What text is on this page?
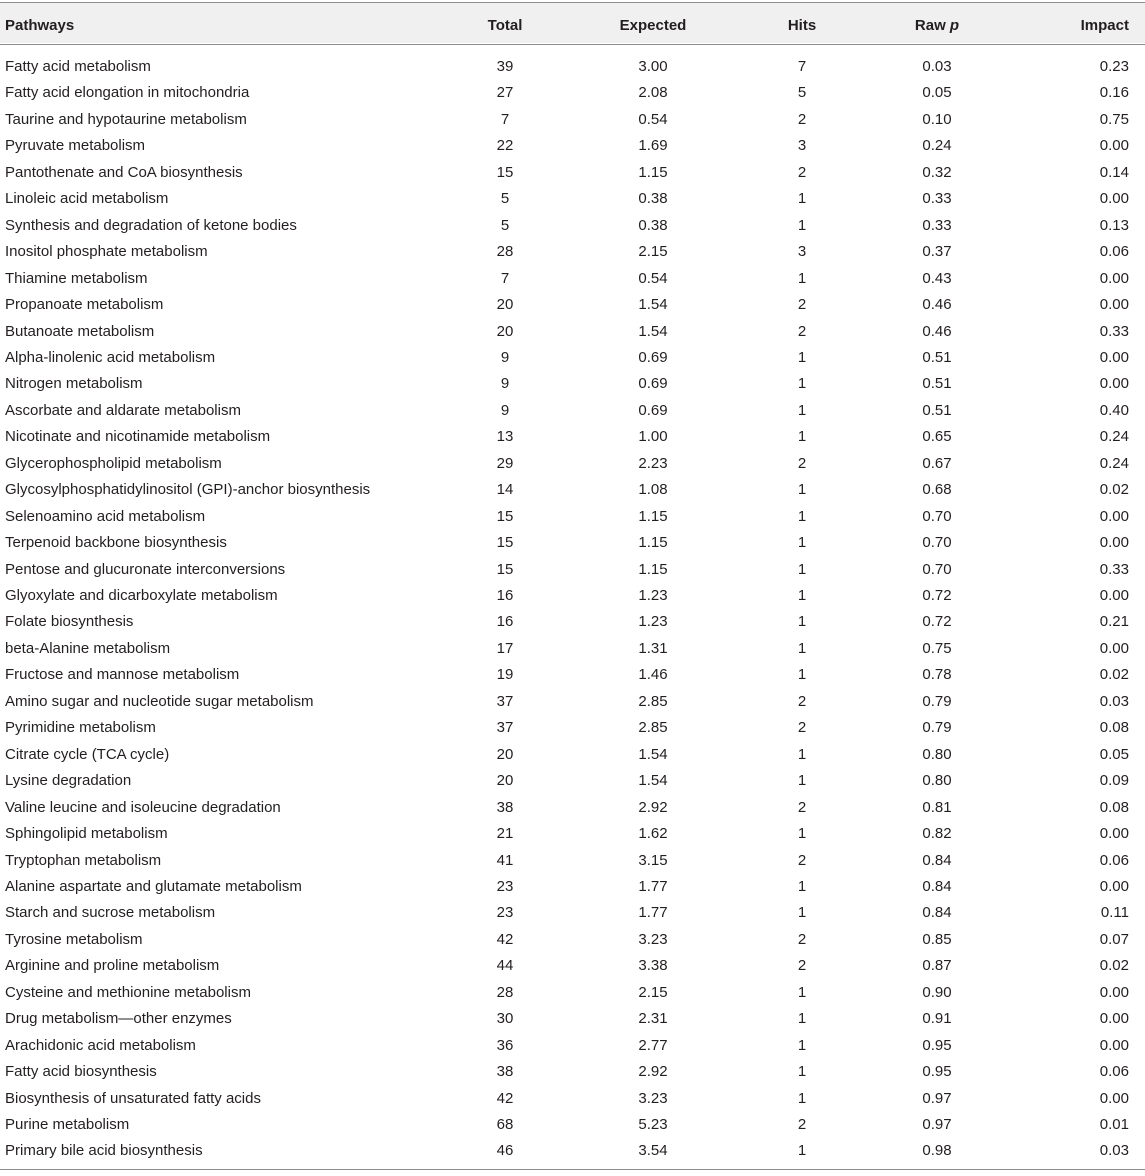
Pathways	Total	Expected	Hits	Raw p	Impact
Fatty acid metabolism	39	3.00	7	0.03	0.23
Fatty acid elongation in mitochondria	27	2.08	5	0.05	0.16
Taurine and hypotaurine metabolism	7	0.54	2	0.10	0.75
Pyruvate metabolism	22	1.69	3	0.24	0.00
Pantothenate and CoA biosynthesis	15	1.15	2	0.32	0.14
Linoleic acid metabolism	5	0.38	1	0.33	0.00
Synthesis and degradation of ketone bodies	5	0.38	1	0.33	0.13
Inositol phosphate metabolism	28	2.15	3	0.37	0.06
Thiamine metabolism	7	0.54	1	0.43	0.00
Propanoate metabolism	20	1.54	2	0.46	0.00
Butanoate metabolism	20	1.54	2	0.46	0.33
Alpha-linolenic acid metabolism	9	0.69	1	0.51	0.00
Nitrogen metabolism	9	0.69	1	0.51	0.00
Ascorbate and aldarate metabolism	9	0.69	1	0.51	0.40
Nicotinate and nicotinamide metabolism	13	1.00	1	0.65	0.24
Glycerophospholipid metabolism	29	2.23	2	0.67	0.24
Glycosylphosphatidylinositol (GPI)-anchor biosynthesis	14	1.08	1	0.68	0.02
Selenoamino acid metabolism	15	1.15	1	0.70	0.00
Terpenoid backbone biosynthesis	15	1.15	1	0.70	0.00
Pentose and glucuronate interconversions	15	1.15	1	0.70	0.33
Glyoxylate and dicarboxylate metabolism	16	1.23	1	0.72	0.00
Folate biosynthesis	16	1.23	1	0.72	0.21
beta-Alanine metabolism	17	1.31	1	0.75	0.00
Fructose and mannose metabolism	19	1.46	1	0.78	0.02
Amino sugar and nucleotide sugar metabolism	37	2.85	2	0.79	0.03
Pyrimidine metabolism	37	2.85	2	0.79	0.08
Citrate cycle (TCA cycle)	20	1.54	1	0.80	0.05
Lysine degradation	20	1.54	1	0.80	0.09
Valine leucine and isoleucine degradation	38	2.92	2	0.81	0.08
Sphingolipid metabolism	21	1.62	1	0.82	0.00
Tryptophan metabolism	41	3.15	2	0.84	0.06
Alanine aspartate and glutamate metabolism	23	1.77	1	0.84	0.00
Starch and sucrose metabolism	23	1.77	1	0.84	0.11
Tyrosine metabolism	42	3.23	2	0.85	0.07
Arginine and proline metabolism	44	3.38	2	0.87	0.02
Cysteine and methionine metabolism	28	2.15	1	0.90	0.00
Drug metabolism—other enzymes	30	2.31	1	0.91	0.00
Arachidonic acid metabolism	36	2.77	1	0.95	0.00
Fatty acid biosynthesis	38	2.92	1	0.95	0.06
Biosynthesis of unsaturated fatty acids	42	3.23	1	0.97	0.00
Purine metabolism	68	5.23	2	0.97	0.01
Primary bile acid biosynthesis	46	3.54	1	0.98	0.03
